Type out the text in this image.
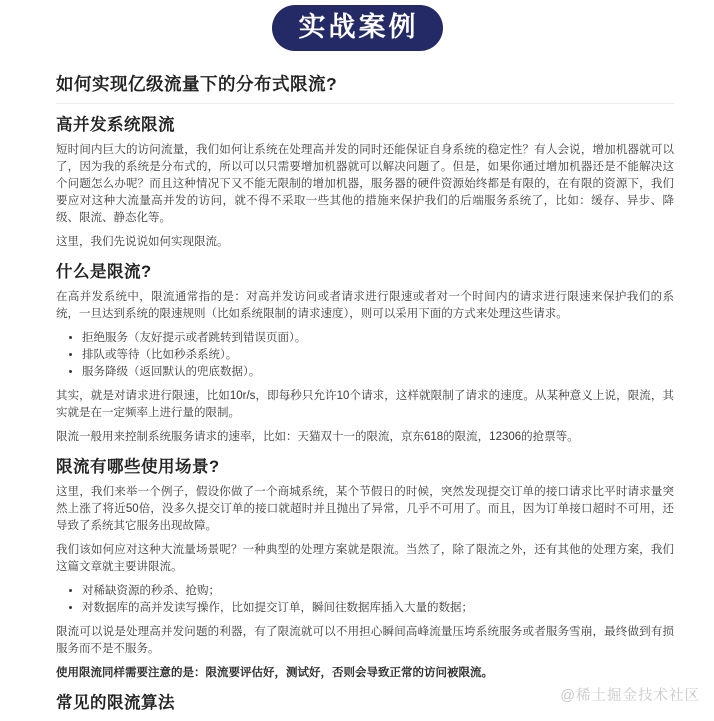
实战案例
如何实现亿级流量下的分布式限流?
高并发系统限流

短时间内巨大的访问流量，我们如何让系统在处理高并发的同时还能保证自身系统的稳定性？有人会说，增加机器就可以了，因为我的系统是分布式的，所以可以只需要增加机器就可以解决问题了。但是，如果你通过增加机器还是不能解决这个问题怎么办呢？而且这种情况下又不能无限制的增加机器，服务器的硬件资源始终都是有限的，在有限的资源下，我们要应对这种大流量高并发的访问，就不得不采取一些其他的措施来保护我们的后端服务系统了，比如：缓存、异步、降级、限流、静态化等。

这里，我们先说说如何实现限流。

什么是限流?

在高并发系统中，限流通常指的是：对高并发访问或者请求进行限速或者对一个时间内的请求进行限速来保护我们的系统，一旦达到系统的限速规则（比如系统限制的请求速度），则可以采用下面的方式来处理这些请求。

• 拒绝服务（友好提示或者跳转到错误页面）。
• 排队或等待（比如秒杀系统）。
• 服务降级（返回默认的兜底数据）。

其实，就是对请求进行限速，比如10r/s，即每秒只允许10个请求，这样就限制了请求的速度。从某种意义上说，限流，其实就是在一定频率上进行量的限制。

限流一般用来控制系统服务请求的速率，比如：天猫双十一的限流，京东618的限流，12306的抢票等。

限流有哪些使用场景?

这里，我们来举一个例子，假设你做了一个商城系统，某个节假日的时候，突然发现提交订单的接口请求比平时请求量突然上涨了将近50倍，没多久提交订单的接口就超时并且抛出了异常，几乎不可用了。而且，因为订单接口超时不可用，还导致了系统其它服务出现故障。

我们该如何应对这种大流量场景呢？一种典型的处理方案就是限流。当然了，除了限流之外，还有其他的处理方案，我们这篇文章就主要讲限流。

• 对稀缺资源的秒杀、抢购；
• 对数据库的高并发读写操作，比如提交订单，瞬间往数据库插入大量的数据；

限流可以说是处理高并发问题的利器，有了限流就可以不用担心瞬间高峰流量压垮系统服务或者服务雪崩，最终做到有损服务而不是不服务。

使用限流同样需要注意的是：限流要评估好，测试好，否则会导致正常的访问被限流。

常见的限流算法	@稀土掘金技术社区
